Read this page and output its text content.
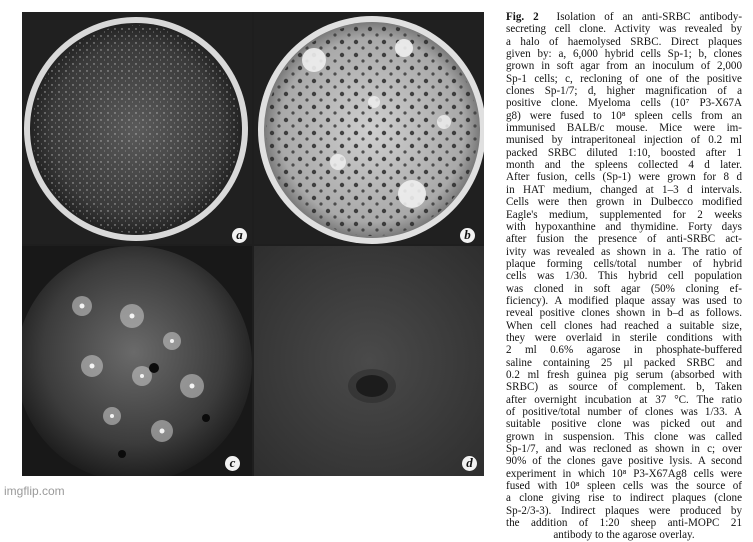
a	b
c	d
Fig. 2 Isolation of an anti-SRBC antibody-
secreting cell clone. Activity was revealed by
a halo of haemolysed SRBC. Direct plaques
given by: a, 6,000 hybrid cells Sp-1; b, clones
grown in soft agar from an inoculum of 2,000
Sp-1 cells; c, recloning of one of the positive
clones Sp-1/7; d, higher magnification of a
positive clone. Myeloma cells (10⁷ P3-X67A
g8) were fused to 10⁸ spleen cells from an
immunised BALB/c mouse. Mice were im-
munised by intraperitoneal injection of 0.2 ml
packed SRBC diluted 1:10, boosted after 1
month and the spleens collected 4 d later.
After fusion, cells (Sp-1) were grown for 8 d
in HAT medium, changed at 1–3 d intervals.
Cells were then grown in Dulbecco modified
Eagle's medium, supplemented for 2 weeks
with hypoxanthine and thymidine. Forty days
after fusion the presence of anti-SRBC act-
ivity was revealed as shown in a. The ratio of
plaque forming cells/total number of hybrid
cells was 1/30. This hybrid cell population
was cloned in soft agar (50% cloning ef-
ficiency). A modified plaque assay was used to
reveal positive clones shown in b–d as follows.
When cell clones had reached a suitable size,
they were overlaid in sterile conditions with
2 ml 0.6% agarose in phosphate-buffered
saline containing 25 µl packed SRBC and
0.2 ml fresh guinea pig serum (absorbed with
SRBC) as source of complement. b, Taken
after overnight incubation at 37 °C. The ratio
of positive/total number of clones was 1/33. A
suitable positive clone was picked out and
grown in suspension. This clone was called
Sp-1/7, and was recloned as shown in c; over
90% of the clones gave positive lysis. A second
experiment in which 10⁸ P3-X67Ag8 cells were
fused with 10⁸ spleen cells was the source of
a clone giving rise to indirect plaques (clone
Sp-2/3-3). Indirect plaques were produced by
the addition of 1:20 sheep anti-MOPC 21
antibody to the agarose overlay.
imgflip.com
